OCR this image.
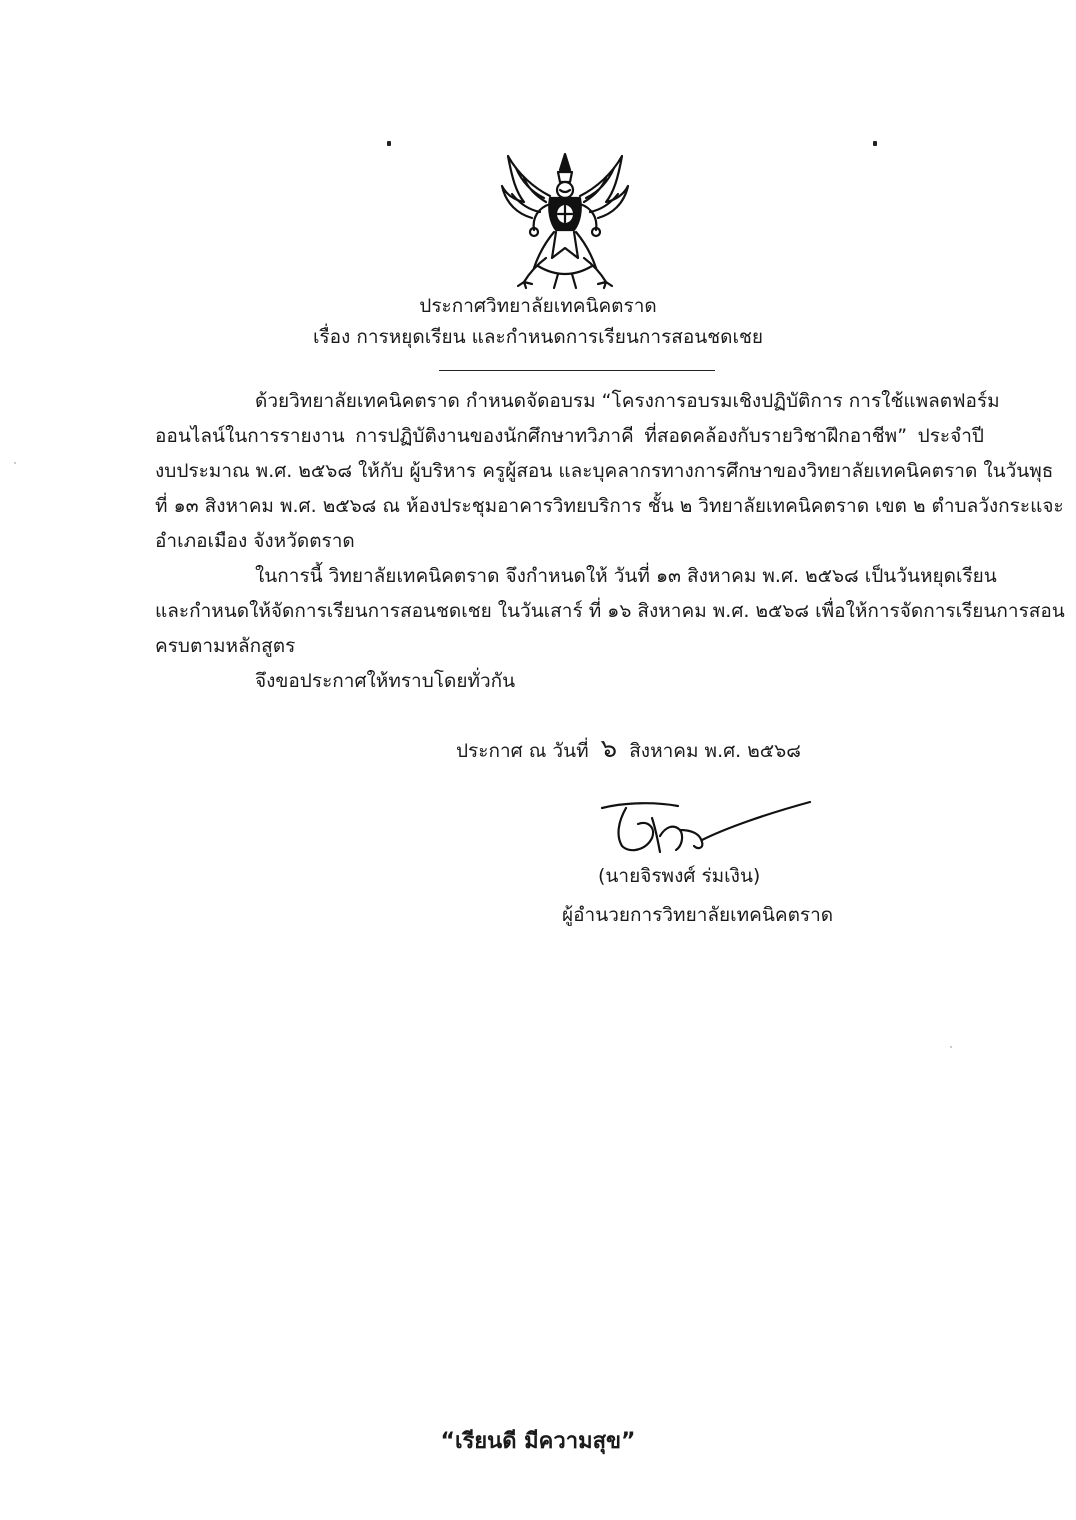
ประกาศวิทยาลัยเทคนิคตราด
เรื่อง การหยุดเรียน และกำหนดการเรียนการสอนชดเชย
ด้วยวิทยาลัยเทคนิคตราด กำหนดจัดอบรม “โครงการอบรมเชิงปฏิบัติการ การใช้แพลตฟอร์ม
ออนไลน์ในการรายงาน การปฏิบัติงานของนักศึกษาทวิภาคี ที่สอดคล้องกับรายวิชาฝึกอาชีพ” ประจำปี
งบประมาณ พ.ศ. ๒๕๖๘ ให้กับ ผู้บริหาร ครูผู้สอน และบุคลากรทางการศึกษาของวิทยาลัยเทคนิคตราด ในวันพุธ
ที่ ๑๓ สิงหาคม พ.ศ. ๒๕๖๘ ณ ห้องประชุมอาคารวิทยบริการ ชั้น ๒ วิทยาลัยเทคนิคตราด เขต ๒ ตำบลวังกระแจะ
อำเภอเมือง จังหวัดตราด
ในการนี้ วิทยาลัยเทคนิคตราด จึงกำหนดให้ วันที่ ๑๓ สิงหาคม พ.ศ. ๒๕๖๘ เป็นวันหยุดเรียน
และกำหนดให้จัดการเรียนการสอนชดเชย ในวันเสาร์ ที่ ๑๖ สิงหาคม พ.ศ. ๒๕๖๘ เพื่อให้การจัดการเรียนการสอน
ครบตามหลักสูตร
จึงขอประกาศให้ทราบโดยทั่วกัน
ประกาศ ณ วันที่ ๖ สิงหาคม พ.ศ. ๒๕๖๘
(นายจิรพงศ์ ร่มเงิน)
ผู้อำนวยการวิทยาลัยเทคนิคตราด
“เรียนดี มีความสุข”
